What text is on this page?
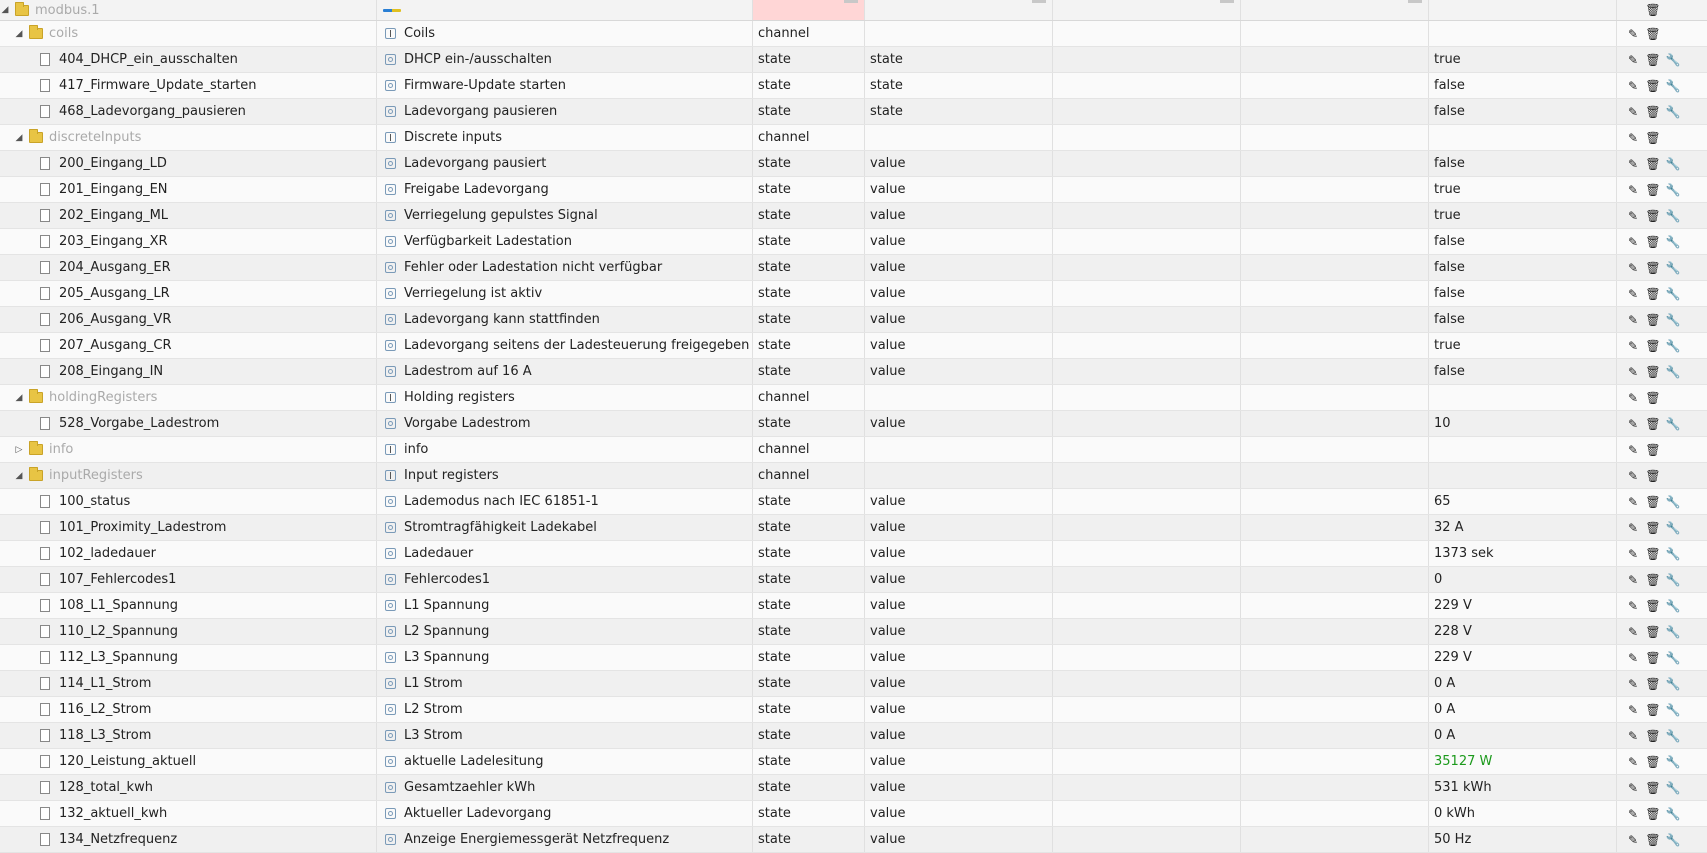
◢ modbus.1	🗑
◢ coils	Coils	channel	✎ 🗑
404_DHCP_ein_ausschalten	DHCP ein-/ausschalten	state	state	true	✎ 🗑 🔧
417_Firmware_Update_starten	Firmware-Update starten	state	state	false	✎ 🗑 🔧
468_Ladevorgang_pausieren	Ladevorgang pausieren	state	state	false	✎ 🗑 🔧
◢ discreteInputs	Discrete inputs	channel	✎ 🗑
200_Eingang_LD	Ladevorgang pausiert	state	value	false	✎ 🗑 🔧
201_Eingang_EN	Freigabe Ladevorgang	state	value	true	✎ 🗑 🔧
202_Eingang_ML	Verriegelung gepulstes Signal	state	value	true	✎ 🗑 🔧
203_Eingang_XR	Verfügbarkeit Ladestation	state	value	false	✎ 🗑 🔧
204_Ausgang_ER	Fehler oder Ladestation nicht verfügbar	state	value	false	✎ 🗑 🔧
205_Ausgang_LR	Verriegelung ist aktiv	state	value	false	✎ 🗑 🔧
206_Ausgang_VR	Ladevorgang kann stattfinden	state	value	false	✎ 🗑 🔧
207_Ausgang_CR	Ladevorgang seitens der Ladesteuerung freigegeben state	value	true	✎ 🗑 🔧
208_Eingang_IN	Ladestrom auf 16 A	state	value	false	✎ 🗑 🔧
◢ holdingRegisters	Holding registers	channel	✎ 🗑
528_Vorgabe_Ladestrom	Vorgabe Ladestrom	state	value	10	✎ 🗑 🔧
▷ info	info	channel	✎ 🗑
◢ inputRegisters	Input registers	channel	✎ 🗑
100_status	Lademodus nach IEC 61851-1	state	value	65	✎ 🗑 🔧
101_Proximity_Ladestrom	Stromtragfähigkeit Ladekabel	state	value	32 A	✎ 🗑 🔧
102_ladedauer	Ladedauer	state	value	1373 sek	✎ 🗑 🔧
107_Fehlercodes1	Fehlercodes1	state	value	0	✎ 🗑 🔧
108_L1_Spannung	L1 Spannung	state	value	229 V	✎ 🗑 🔧
110_L2_Spannung	L2 Spannung	state	value	228 V	✎ 🗑 🔧
112_L3_Spannung	L3 Spannung	state	value	229 V	✎ 🗑 🔧
114_L1_Strom	L1 Strom	state	value	0 A	✎ 🗑 🔧
116_L2_Strom	L2 Strom	state	value	0 A	✎ 🗑 🔧
118_L3_Strom	L3 Strom	state	value	0 A	✎ 🗑 🔧
120_Leistung_aktuell	aktuelle Ladelesitung	state	value	35127 W	✎ 🗑 🔧
128_total_kwh	Gesamtzaehler kWh	state	value	531 kWh	✎ 🗑 🔧
132_aktuell_kwh	Aktueller Ladevorgang	state	value	0 kWh	✎ 🗑 🔧
134_Netzfrequenz	Anzeige Energiemessgerät Netzfrequenz	state	value	50 Hz	✎ 🗑 🔧
